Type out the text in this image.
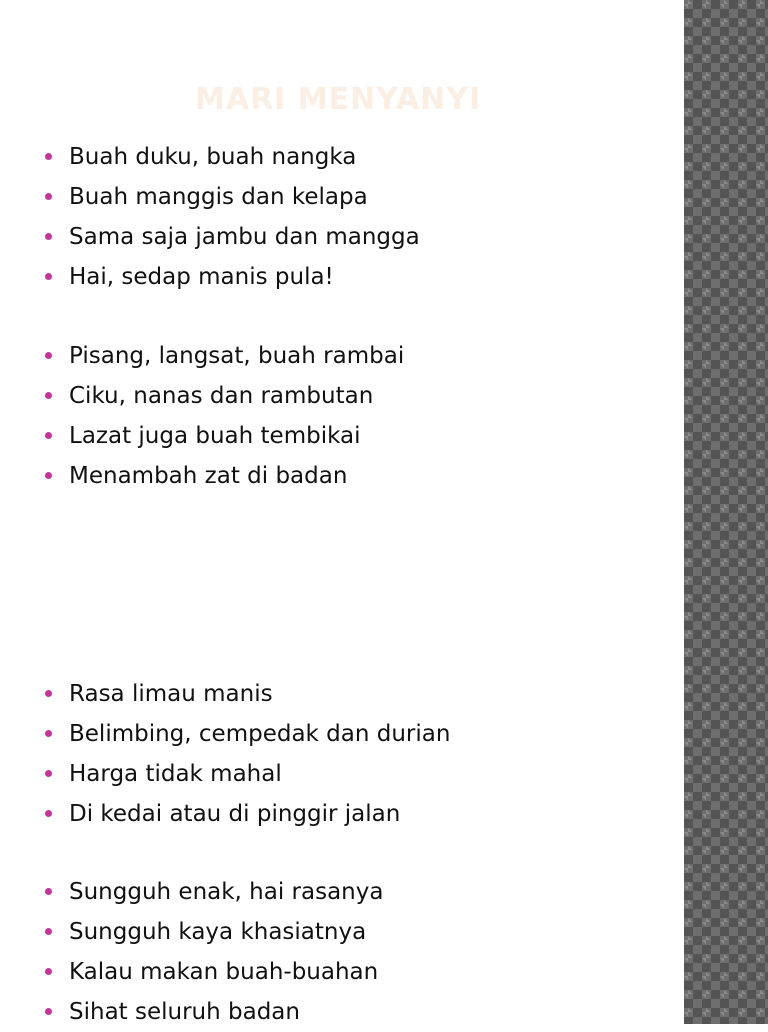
MARI MENYANYI
Buah duku, buah nangka
Buah manggis dan kelapa
Sama saja jambu dan mangga
Hai, sedap manis pula!
Pisang, langsat, buah rambai
Ciku, nanas dan rambutan
Lazat juga buah tembikai
Menambah zat di badan
Rasa limau manis
Belimbing, cempedak dan durian
Harga tidak mahal
Di kedai atau di pinggir jalan
Sungguh enak, hai rasanya
Sungguh kaya khasiatnya
Kalau makan buah-buahan
Sihat seluruh badan
